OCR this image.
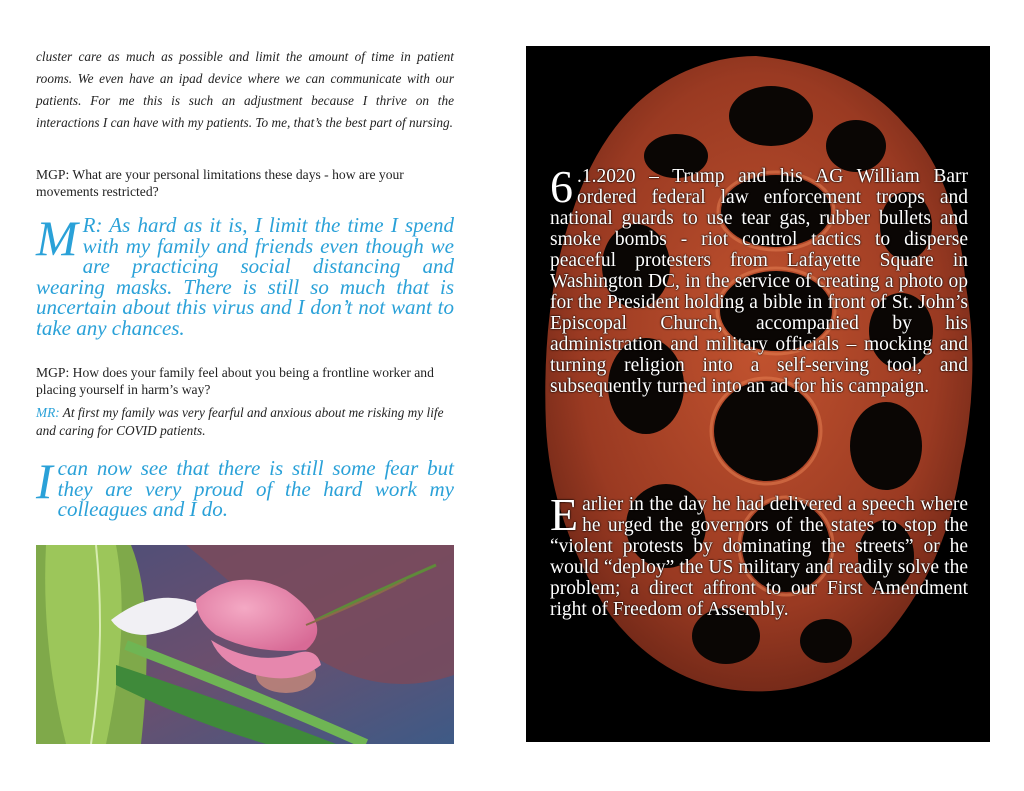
cluster care as much as possible and limit the amount of time in patient rooms. We even have an ipad device where we can communicate with our patients. For me this is such an adjustment because I thrive on the interactions I can have with my patients. To me, that’s the best part of nursing.

MGP: What are your personal limitations these days - how are your movements restricted?

M R: As hard as it is, I limit the time I spend with my family and friends even though we are practicing social distancing and wearing masks. There is still so much that is uncertain about this virus and I don’t not want to take any chances.

MGP: How does your family feel about you being a frontline worker and placing yourself in harm’s way?

MR: At first my family was very fearful and anxious about me risking my life and caring for COVID patients.

Ican now see that there is still some fear but they are very proud of the hard work my colleagues and I do.

6 .1.2020 – Trump and his AG William Barr ordered federal law enforcement troops and national guards to use tear gas, rubber bullets and smoke bombs - riot control tactics to disperse peaceful protesters from Lafayette Square in Washington DC, in the service of creating a photo op for the President holding a bible in front of St. John’s Episcopal Church, accompanied by his administration and military officials – mocking and turning religion into a self-serving tool, and subsequently turned into an ad for his campaign.

Earlier in the day he had delivered a speech where he urged the governors of the states to stop the “violent protests by dominating the streets” or he would “deploy” the US military and readily solve the problem; a direct affront to our First Amendment right of Freedom of Assembly.
